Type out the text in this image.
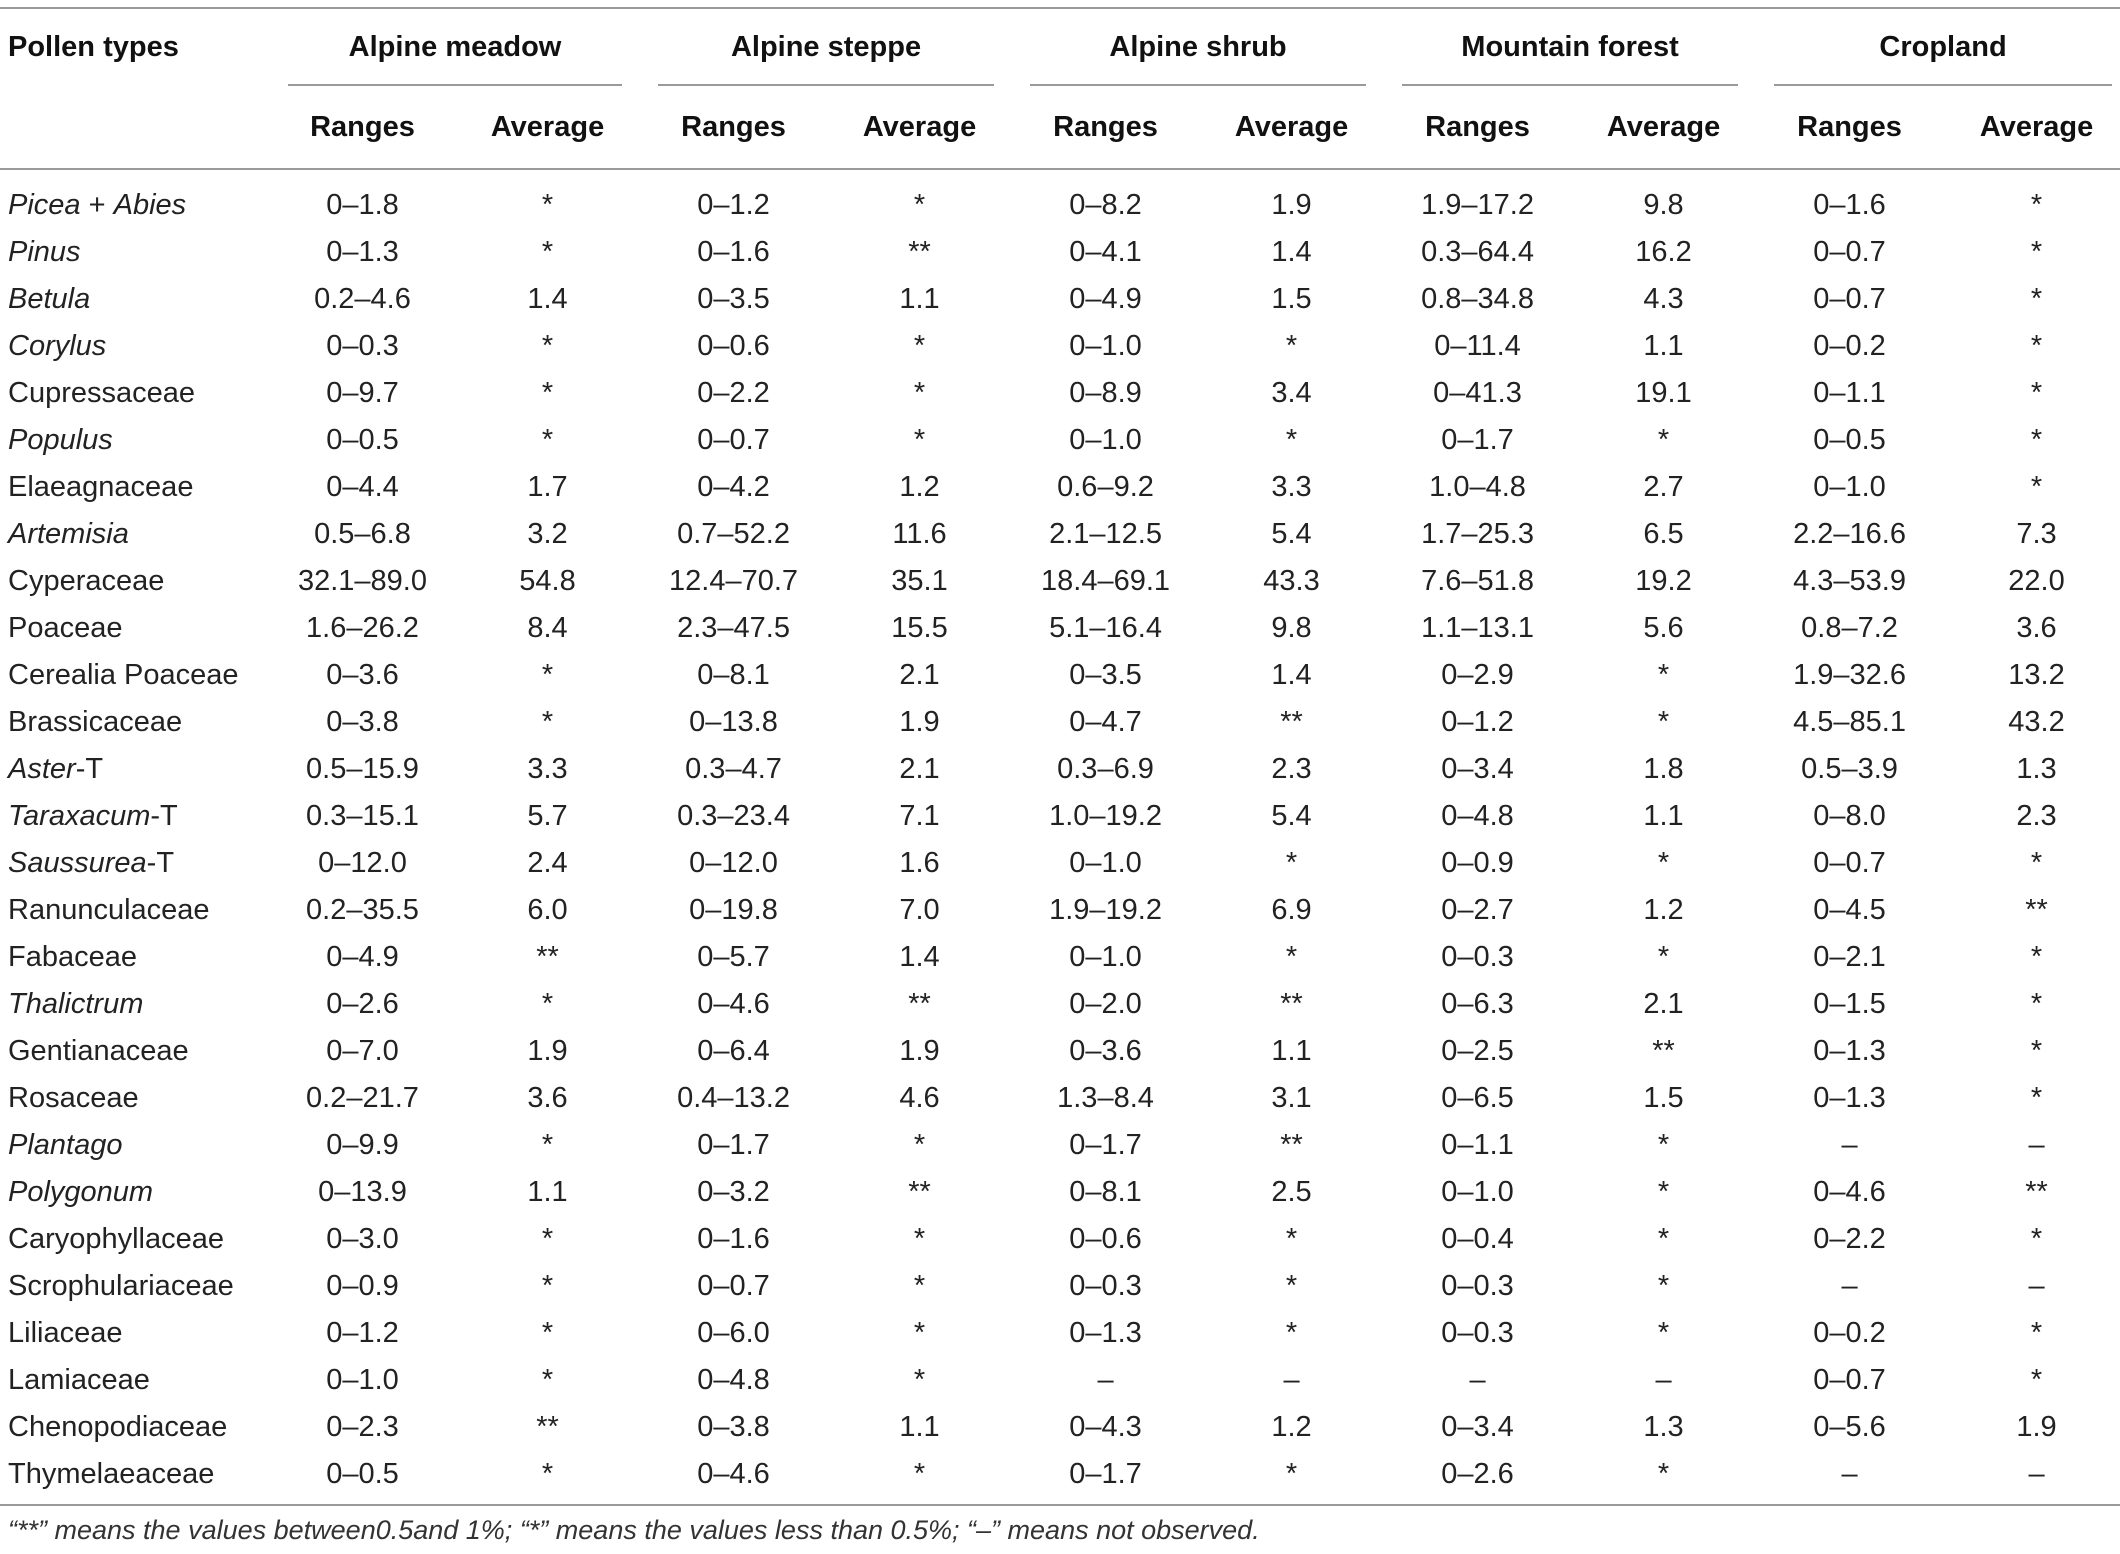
Pollen types	Alpine meadow		Alpine steppe		Alpine shrub		Mountain forest		Cropland	

	Ranges	Average	Ranges	Average	Ranges	Average	Ranges	Average	Ranges	Average
Picea + Abies	0–1.8	*	0–1.2	*	0–8.2	1.9	1.9–17.2	9.8	0–1.6	*
Pinus	0–1.3	*	0–1.6	**	0–4.1	1.4	0.3–64.4	16.2	0–0.7	*
Betula	0.2–4.6	1.4	0–3.5	1.1	0–4.9	1.5	0.8–34.8	4.3	0–0.7	*
Corylus	0–0.3	*	0–0.6	*	0–1.0	*	0–11.4	1.1	0–0.2	*
Cupressaceae	0–9.7	*	0–2.2	*	0–8.9	3.4	0–41.3	19.1	0–1.1	*
Populus	0–0.5	*	0–0.7	*	0–1.0	*	0–1.7	*	0–0.5	*
Elaeagnaceae	0–4.4	1.7	0–4.2	1.2	0.6–9.2	3.3	1.0–4.8	2.7	0–1.0	*
Artemisia	0.5–6.8	3.2	0.7–52.2	11.6	2.1–12.5	5.4	1.7–25.3	6.5	2.2–16.6	7.3
Cyperaceae	32.1–89.0	54.8	12.4–70.7	35.1	18.4–69.1	43.3	7.6–51.8	19.2	4.3–53.9	22.0
Poaceae	1.6–26.2	8.4	2.3–47.5	15.5	5.1–16.4	9.8	1.1–13.1	5.6	0.8–7.2	3.6
Cerealia Poaceae	0–3.6	*	0–8.1	2.1	0–3.5	1.4	0–2.9	*	1.9–32.6	13.2
Brassicaceae	0–3.8	*	0–13.8	1.9	0–4.7	**	0–1.2	*	4.5–85.1	43.2
Aster-T	0.5–15.9	3.3	0.3–4.7	2.1	0.3–6.9	2.3	0–3.4	1.8	0.5–3.9	1.3
Taraxacum-T	0.3–15.1	5.7	0.3–23.4	7.1	1.0–19.2	5.4	0–4.8	1.1	0–8.0	2.3
Saussurea-T	0–12.0	2.4	0–12.0	1.6	0–1.0	*	0–0.9	*	0–0.7	*
Ranunculaceae	0.2–35.5	6.0	0–19.8	7.0	1.9–19.2	6.9	0–2.7	1.2	0–4.5	**
Fabaceae	0–4.9	**	0–5.7	1.4	0–1.0	*	0–0.3	*	0–2.1	*
Thalictrum	0–2.6	*	0–4.6	**	0–2.0	**	0–6.3	2.1	0–1.5	*
Gentianaceae	0–7.0	1.9	0–6.4	1.9	0–3.6	1.1	0–2.5	**	0–1.3	*
Rosaceae	0.2–21.7	3.6	0.4–13.2	4.6	1.3–8.4	3.1	0–6.5	1.5	0–1.3	*
Plantago	0–9.9	*	0–1.7	*	0–1.7	**	0–1.1	*	–	–
Polygonum	0–13.9	1.1	0–3.2	**	0–8.1	2.5	0–1.0	*	0–4.6	**
Caryophyllaceae	0–3.0	*	0–1.6	*	0–0.6	*	0–0.4	*	0–2.2	*
Scrophulariaceae	0–0.9	*	0–0.7	*	0–0.3	*	0–0.3	*	–	–
Liliaceae	0–1.2	*	0–6.0	*	0–1.3	*	0–0.3	*	0–0.2	*
Lamiaceae	0–1.0	*	0–4.8	*	–	–	–	–	0–0.7	*
Chenopodiaceae	0–2.3	**	0–3.8	1.1	0–4.3	1.2	0–3.4	1.3	0–5.6	1.9
Thymelaeaceae	0–0.5	*	0–4.6	*	0–1.7	*	0–2.6	*	–	–
“**” means the values between0.5and 1%; “*” means the values less than 0.5%; “–” means not observed.
